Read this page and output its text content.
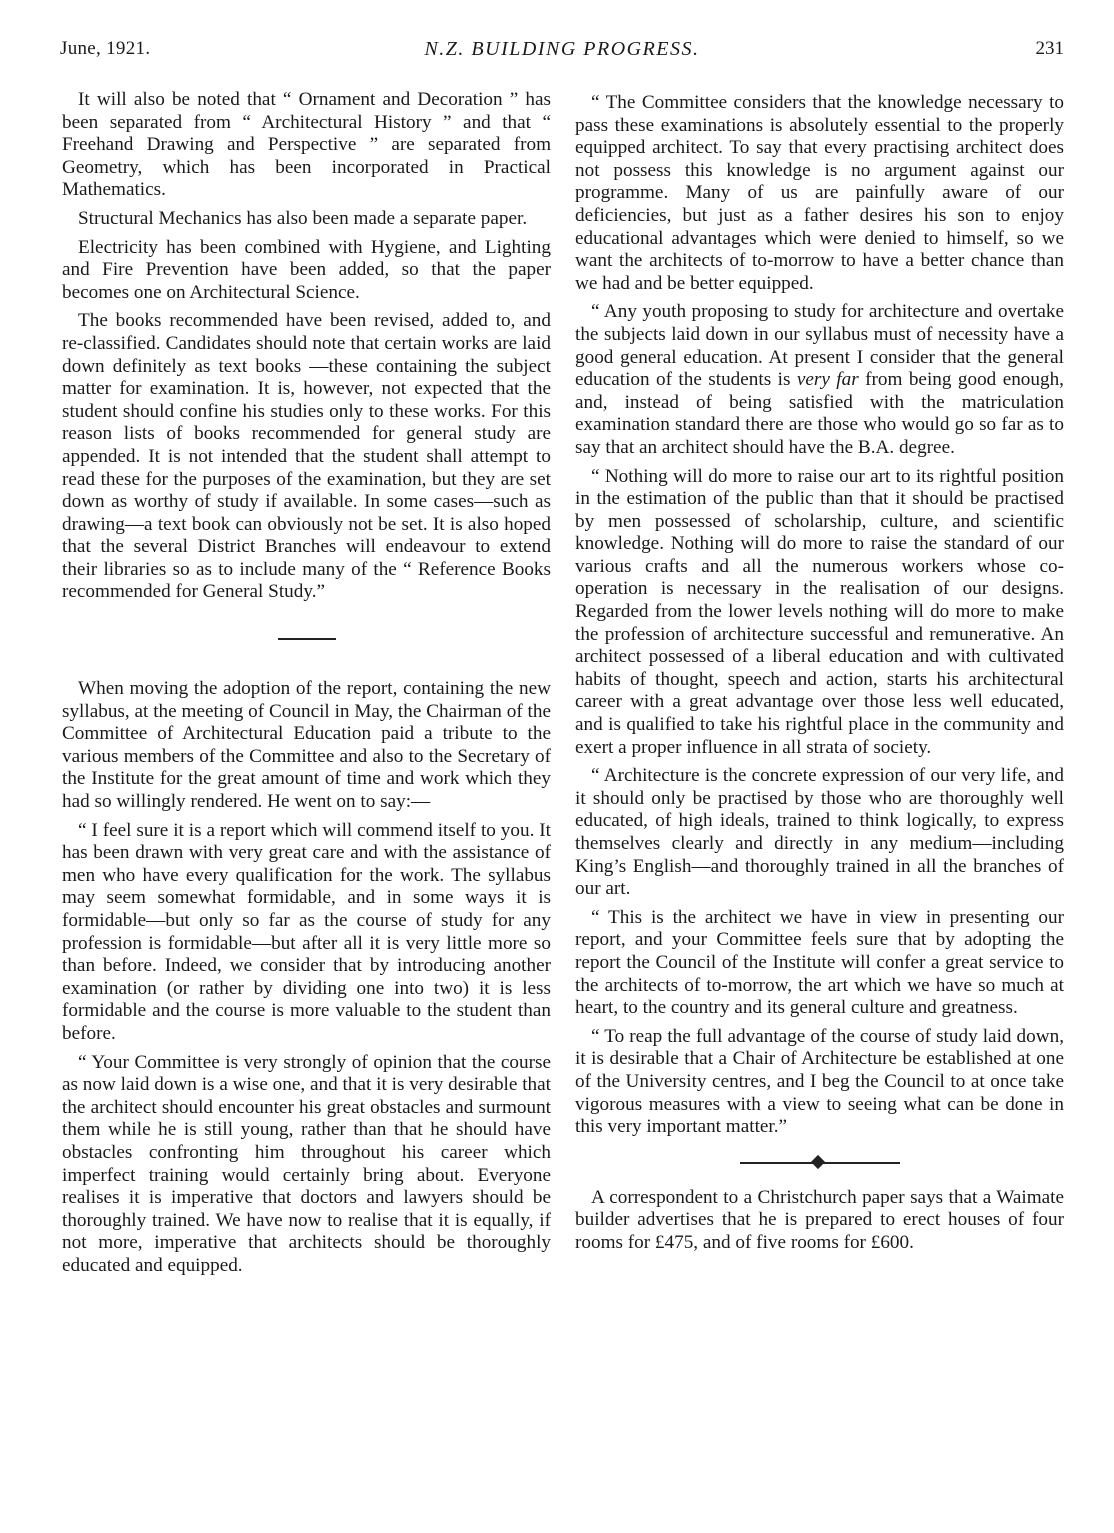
June, 1921.	N.Z. BUILDING PROGRESS.	231

It will also be noted that “ Ornament and Decoration ” has been separated from “ Architectural History ” and that “ Freehand Drawing and Perspective ” are separated from Geometry, which has been incorporated in Practical Mathematics.

Structural Mechanics has also been made a separate paper.

Electricity has been combined with Hygiene, and Lighting and Fire Prevention have been added, so that the paper becomes one on Architectural Science.

The books recommended have been revised, added to, and re-classified. Candidates should note that certain works are laid down definitely as text books —these containing the subject matter for examination. It is, however, not expected that the student should confine his studies only to these works. For this reason lists of books recommended for general study are appended. It is not intended that the student shall attempt to read these for the purposes of the examination, but they are set down as worthy of study if available. In some cases—such as drawing—a text book can obviously not be set. It is also hoped that the several District Branches will endeavour to extend their libraries so as to include many of the “ Reference Books recommended for General Study.”

When moving the adoption of the report, containing the new syllabus, at the meeting of Council in May, the Chairman of the Committee of Architectural Education paid a tribute to the various members of the Committee and also to the Secretary of the Institute for the great amount of time and work which they had so willingly rendered. He went on to say:—

“ I feel sure it is a report which will commend itself to you. It has been drawn with very great care and with the assistance of men who have every qualification for the work. The syllabus may seem somewhat formidable, and in some ways it is formidable—but only so far as the course of study for any profession is formidable—but after all it is very little more so than before. Indeed, we consider that by introducing another examination (or rather by dividing one into two) it is less formidable and the course is more valuable to the student than before.

“ Your Committee is very strongly of opinion that the course as now laid down is a wise one, and that it is very desirable that the architect should encounter his great obstacles and surmount them while he is still young, rather than that he should have obstacles confronting him throughout his career which imperfect training would certainly bring about. Everyone realises it is imperative that doctors and lawyers should be thoroughly trained. We have now to realise that it is equally, if not more, imperative that architects should be thoroughly educated and equipped.

“ The Committee considers that the knowledge necessary to pass these examinations is absolutely essential to the properly equipped architect. To say that every practising architect does not possess this knowledge is no argument against our programme. Many of us are painfully aware of our deficiencies, but just as a father desires his son to enjoy educational advantages which were denied to himself, so we want the architects of to-morrow to have a better chance than we had and be better equipped.

“ Any youth proposing to study for architecture and overtake the subjects laid down in our syllabus must of necessity have a good general education. At present I consider that the general education of the students is very far from being good enough, and, instead of being satisfied with the matriculation examination standard there are those who would go so far as to say that an architect should have the B.A. degree.

“ Nothing will do more to raise our art to its rightful position in the estimation of the public than that it should be practised by men possessed of scholarship, culture, and scientific knowledge. Nothing will do more to raise the standard of our various crafts and all the numerous workers whose co-operation is necessary in the realisation of our designs. Regarded from the lower levels nothing will do more to make the profession of architecture successful and remunerative. An architect possessed of a liberal education and with cultivated habits of thought, speech and action, starts his architectural career with a great advantage over those less well educated, and is qualified to take his rightful place in the community and exert a proper influence in all strata of society.

“ Architecture is the concrete expression of our very life, and it should only be practised by those who are thoroughly well educated, of high ideals, trained to think logically, to express themselves clearly and directly in any medium—including King’s English—and thoroughly trained in all the branches of our art.

“ This is the architect we have in view in presenting our report, and your Committee feels sure that by adopting the report the Council of the Institute will confer a great service to the architects of to-morrow, the art which we have so much at heart, to the country and its general culture and greatness.

“ To reap the full advantage of the course of study laid down, it is desirable that a Chair of Architecture be established at one of the University centres, and I beg the Council to at once take vigorous measures with a view to seeing what can be done in this very important matter.”

A correspondent to a Christchurch paper says that a Waimate builder advertises that he is prepared to erect houses of four rooms for £475, and of five rooms for £600.
